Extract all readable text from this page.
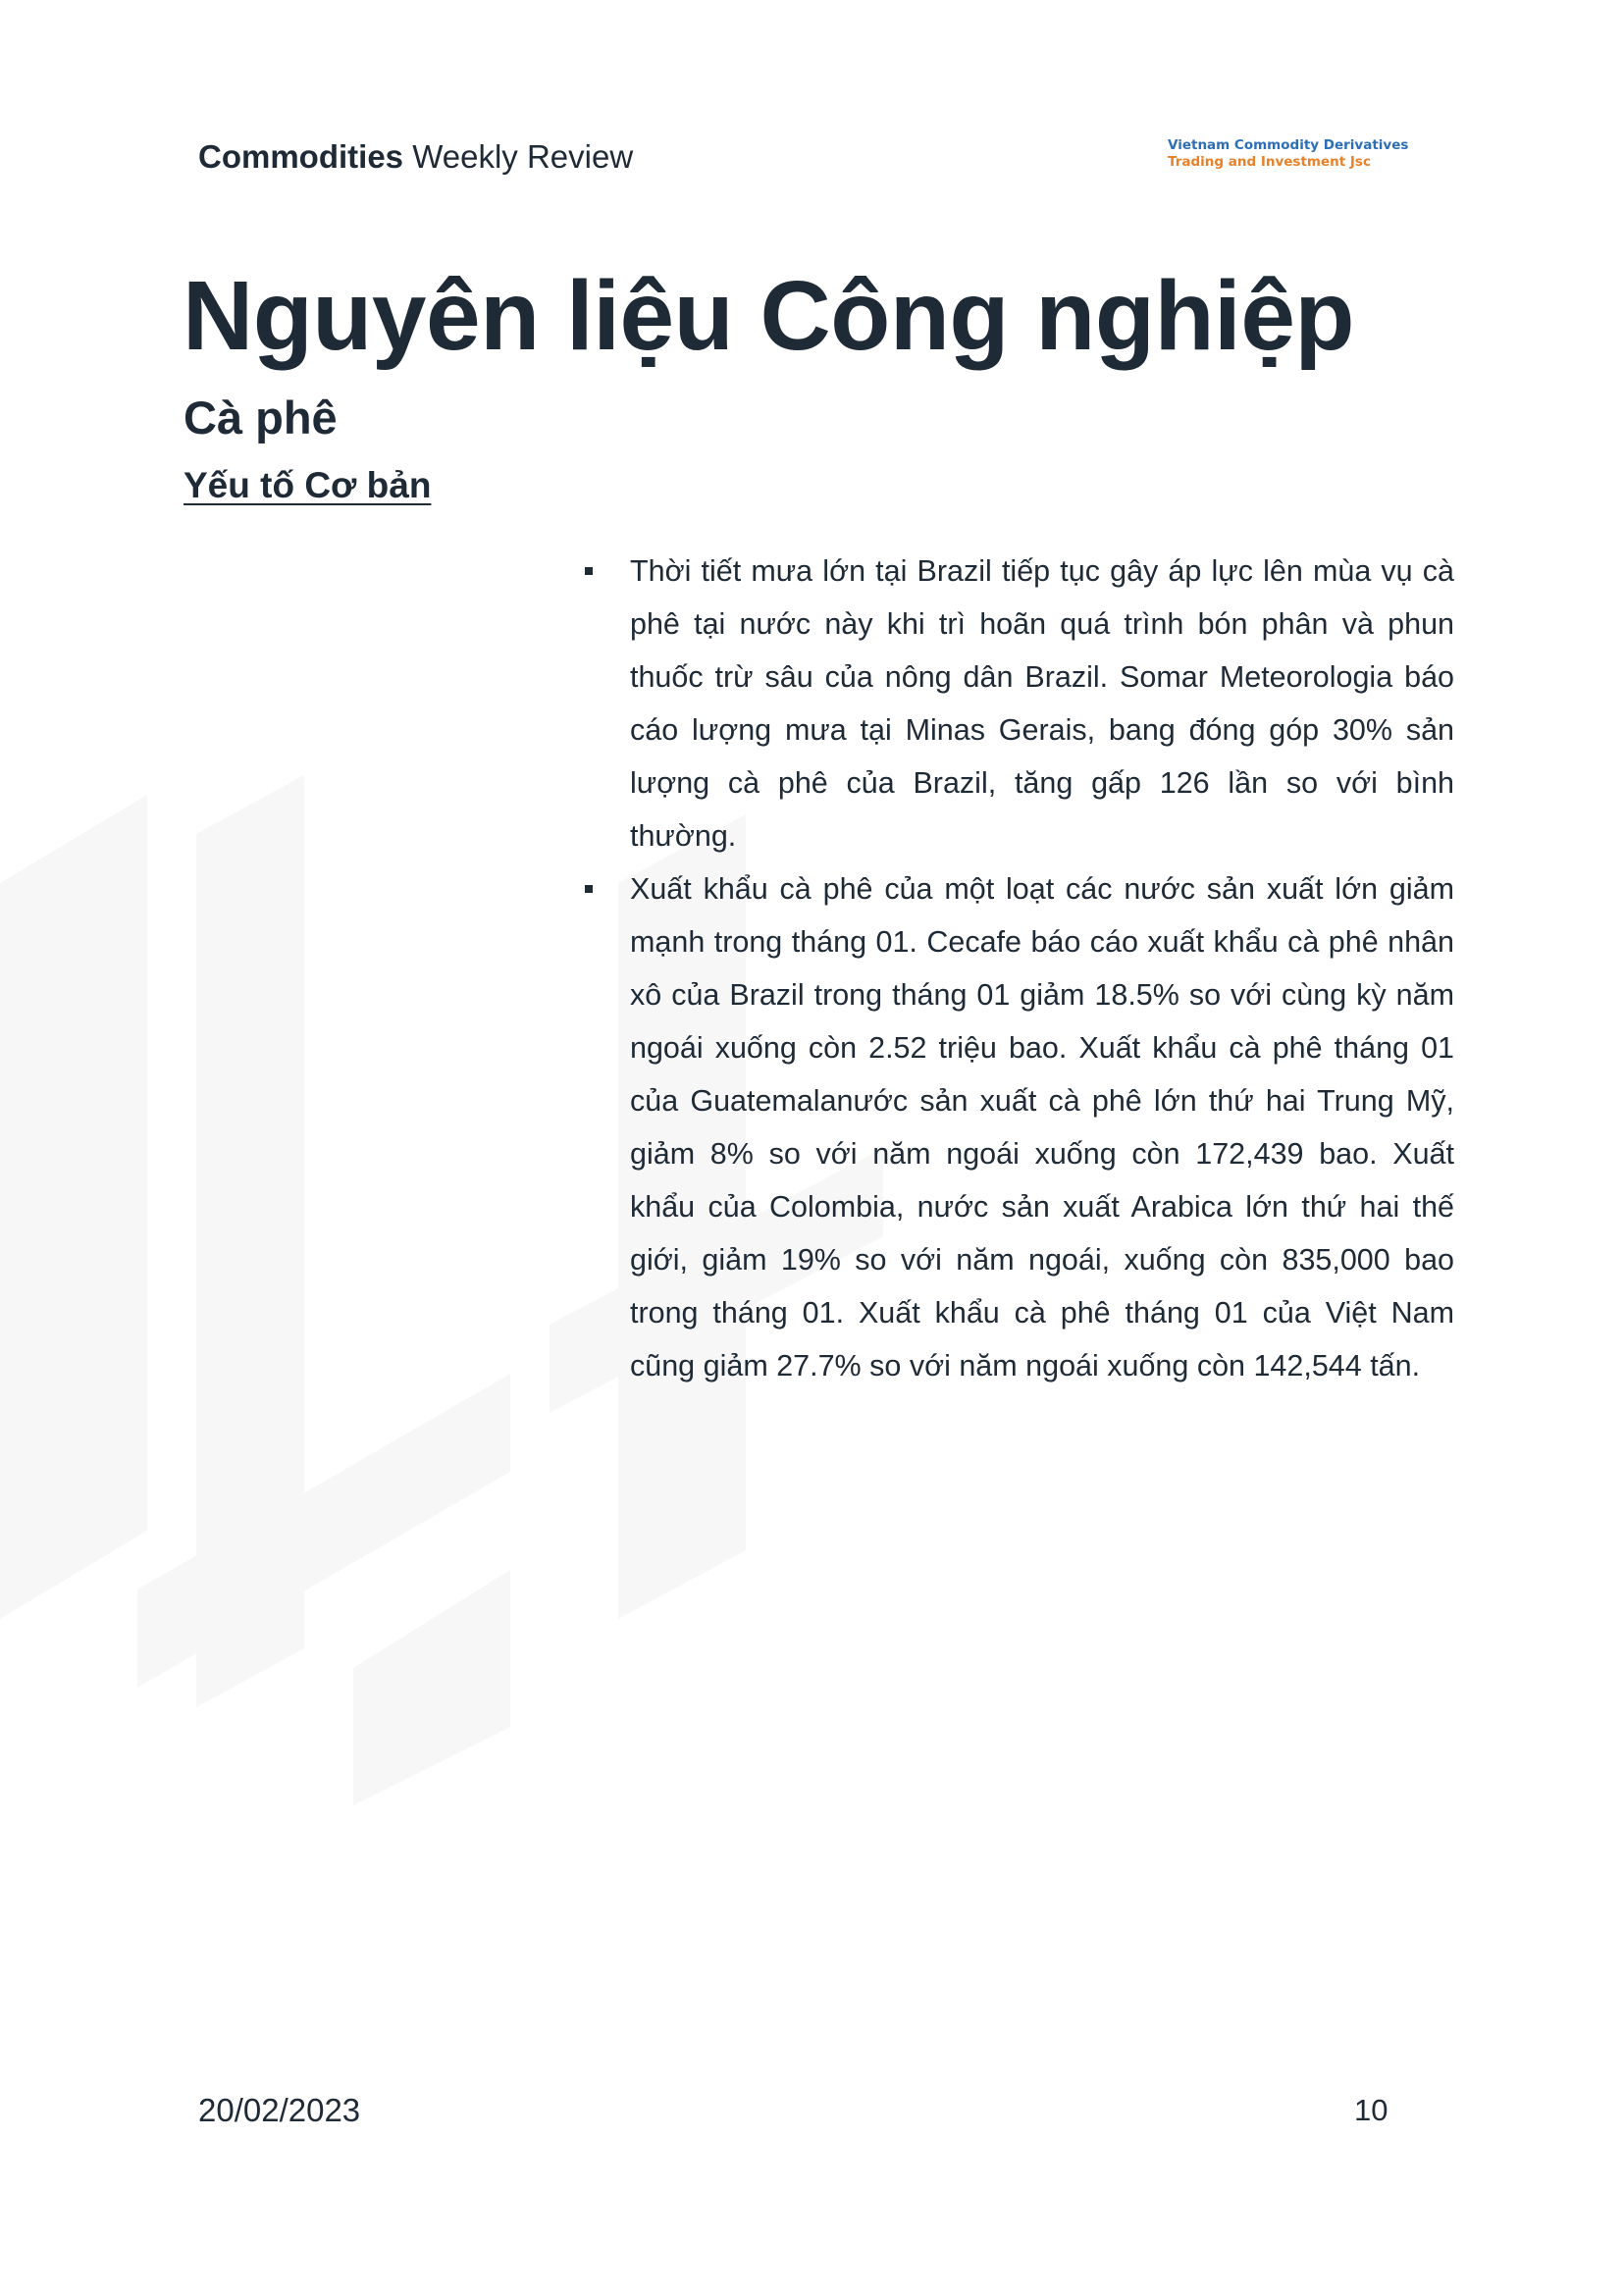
Commodities Weekly Review	Vietnam Commodity Derivatives
Trading and Investment Jsc
Nguyên liệu Công nghiệp
Cà phê
Yếu tố Cơ bản
Thời tiết mưa lớn tại Brazil tiếp tục gây áp lực lên mùa vụ cà phê tại nước này khi trì hoãn quá trình bón phân và phun thuốc trừ sâu của nông dân Brazil. Somar Meteorologia báo cáo lượng mưa tại Minas Gerais, bang đóng góp 30% sản lượng cà phê của Brazil, tăng gấp 126 lần so với bình thường.
Xuất khẩu cà phê của một loạt các nước sản xuất lớn giảm mạnh trong tháng 01. Cecafe báo cáo xuất khẩu cà phê nhân xô của Brazil trong tháng 01 giảm 18.5% so với cùng kỳ năm ngoái xuống còn 2.52 triệu bao. Xuất khẩu cà phê tháng 01 của Guatemalanước sản xuất cà phê lớn thứ hai Trung Mỹ, giảm 8% so với năm ngoái xuống còn 172,439 bao. Xuất khẩu của Colombia, nước sản xuất Arabica lớn thứ hai thế giới, giảm 19% so với năm ngoái, xuống còn 835,000 bao trong tháng 01. Xuất khẩu cà phê tháng 01 của Việt Nam cũng giảm 27.7% so với năm ngoái xuống còn 142,544 tấn.
20/02/2023	10
